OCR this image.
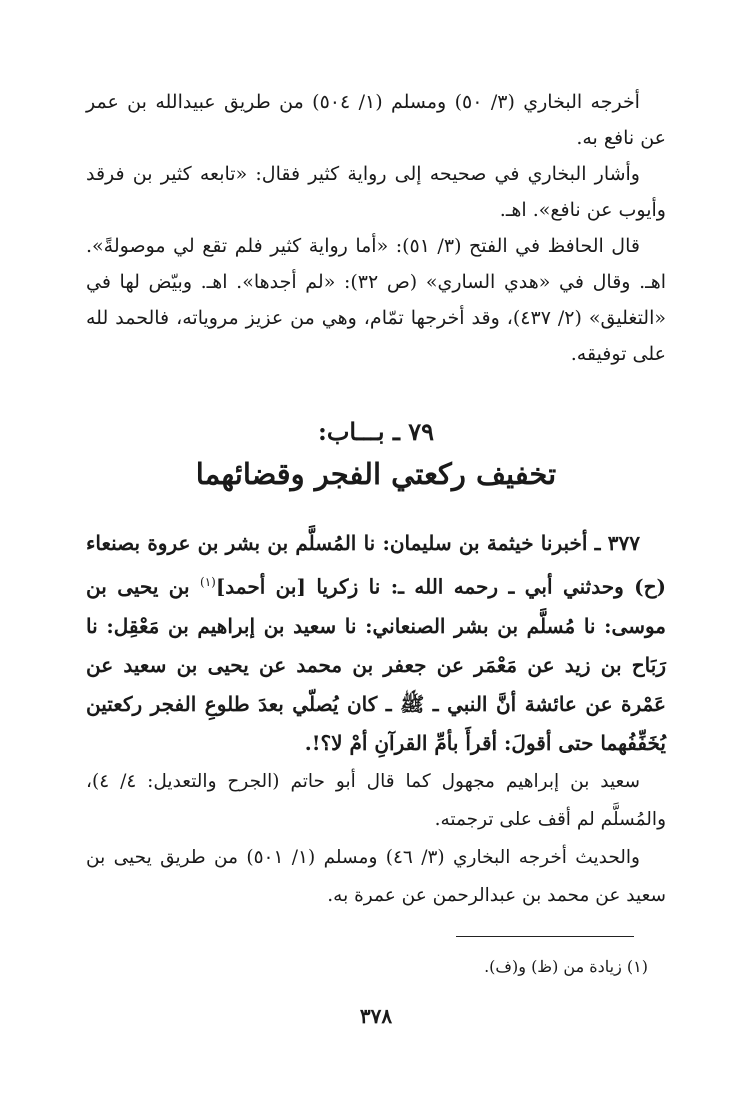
أخرجه البخاري (٣/ ٥٠) ومسلم (١/ ٥٠٤) من طريق عبيدالله بن عمر عن نافع به.

وأشار البخاري في صحيحه إلى رواية كثير فقال: «تابعه كثير بن فرقد وأيوب عن نافع». اهـ.

قال الحافظ في الفتح (٣/ ٥١): «أما رواية كثير فلم تقع لي موصولةً». اهـ. وقال في «هدي الساري» (ص ٣٢): «لم أجدها». اهـ. وبيّض لها في «التغليق» (٢/ ٤٣٧)، وقد أخرجها تمّام، وهي من عزيز مروياته، فالحمد لله على توفيقه.

٧٩ ـ بـــاب:
تخفيف ركعتي الفجر وقضائهما

٣٧٧ ـ أخبرنا خيثمة بن سليمان: نا المُسلَّم بن بشر بن عروة بصنعاء (ح) وحدثني أبي ـ رحمه الله ـ: نا زكريا [بن أحمد]$^{(١)}$ بن يحيى بن موسى: نا مُسلَّم بن بشر الصنعاني: نا سعيد بن إبراهيم بن مَعْقِل: نا رَبَاح بن زيد عن مَعْمَر عن جعفر بن محمد عن يحيى بن سعيد عن عَمْرة عن عائشة أنَّ النبي ـ ﷺ ـ كان يُصلّي بعدَ طلوعِ الفجر ركعتين يُخَفِّفُهما حتى أقولَ: أقرأَ بأمِّ القرآنِ أمْ لا؟!.

سعيد بن إبراهيم مجهول كما قال أبو حاتم (الجرح والتعديل: ٤/ ٤)، والمُسلَّم لم أقف على ترجمته.

والحديث أخرجه البخاري (٣/ ٤٦) ومسلم (١/ ٥٠١) من طريق يحيى بن سعيد عن محمد بن عبدالرحمن عن عمرة به.

(١) زيادة من (ظ) و(ف).
٣٧٨
